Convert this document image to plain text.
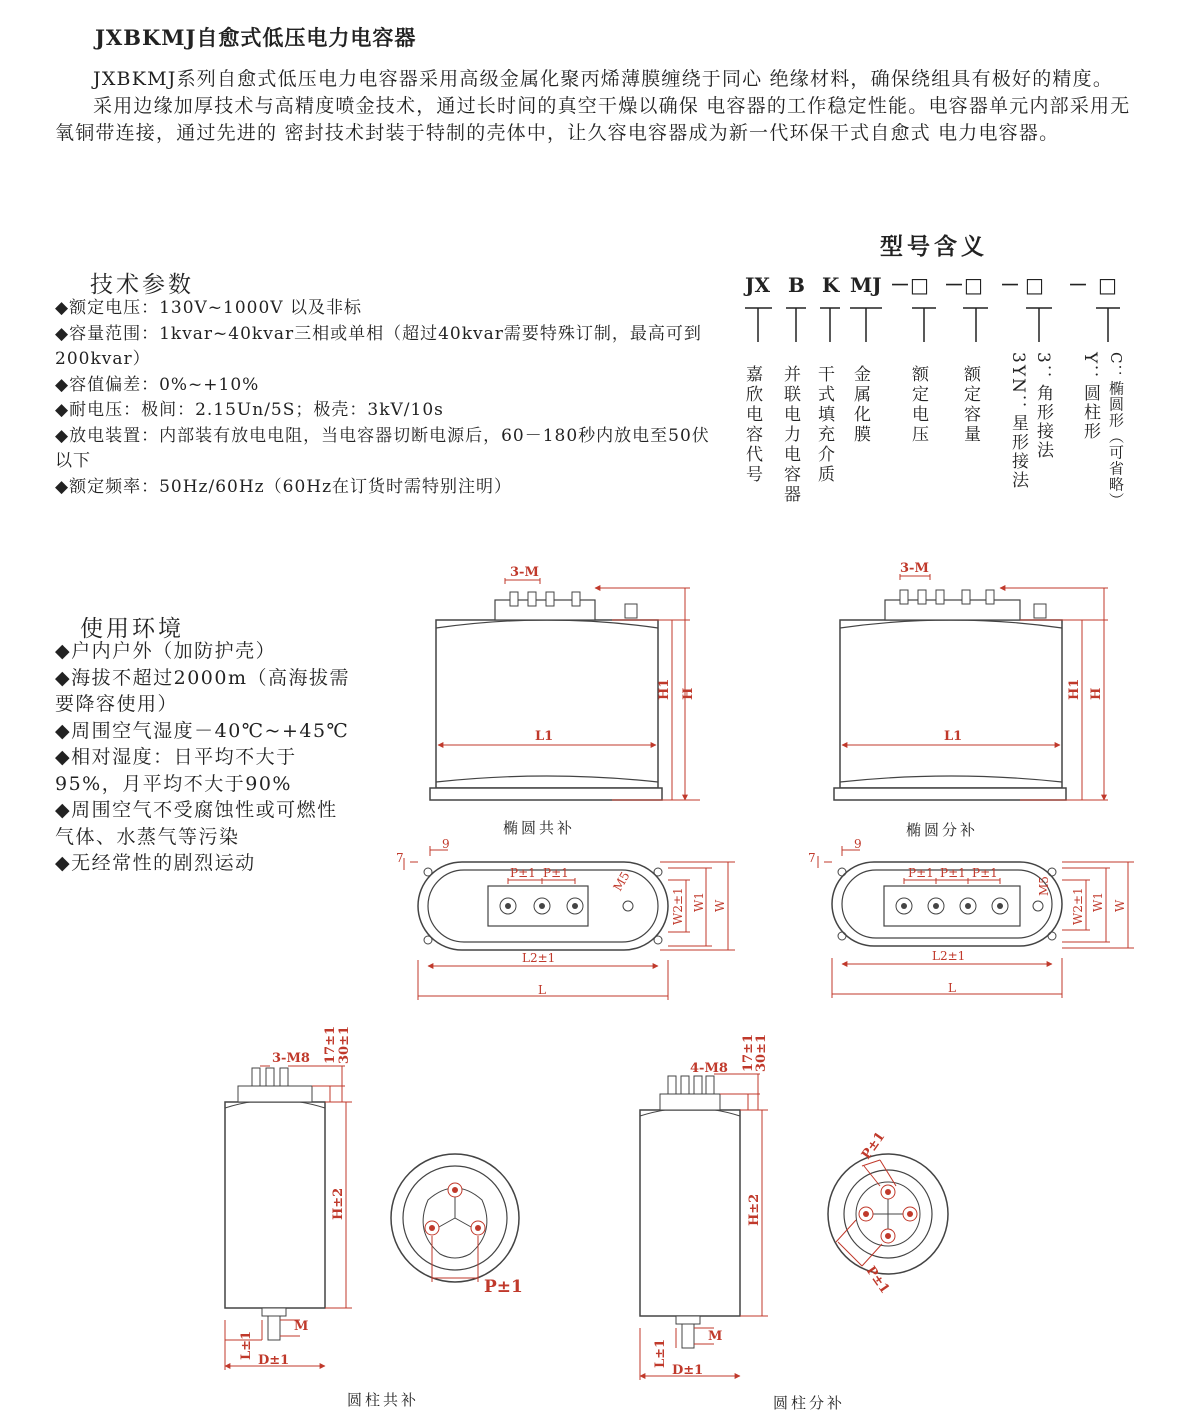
JXBKMJ自愈式低压电力电容器

JXBKMJ系列自愈式低压电力电容器采用高级金属化聚丙烯薄膜缠绕于同心 绝缘材料，确保绕组具有极好的精度。

采用边缘加厚技术与高精度喷金技术，通过长时间的真空干燥以确保 电容器的工作稳定性能。电容器单元内部采用无氧铜带连接，通过先进的 密封技术封装于特制的壳体中，让久容电容器成为新一代环保干式自愈式 电力电容器。

技术参数
◆额定电压：130V~1000V 以及非标
◆容量范围：1kvar~40kvar三相或单相（超过40kvar需要特殊订制，最高可到200kvar）
◆容值偏差：0%~+10%
◆耐电压：极间：2.15Un/5S；极壳：3kV/10s
◆放电装置：内部装有放电电阻，当电容器切断电源后，60－180秒内放电至50伏以下
◆额定频率：50Hz/60Hz（60Hz在订货时需特别注明）
使用环境
◆户内户外（加防护壳）
◆海拔不超过2000m（高海拔需要降容使用）
◆周围空气湿度－40℃~+45℃
◆相对湿度：日平均不大于95%，月平均不大于90%
◆周围空气不受腐蚀性或可燃性气体、水蒸气等污染
◆无经常性的剧烈运动
型号含义
JX B K MJ －□ －□ － □ － □
嘉欣电容代号 并联电力电容器 干式填充介质 金属化膜 额定电压 额定容量	3：角形接法
3YN：星形接法	Y：圆柱形 C：椭圆形（可省略）
3-M
L1
H1 H
椭圆共补
3-M
L1
H1 H
椭圆分补
P±1 P±1	M5
W2±1 W1 W
L2±1
L
7
9
P±1 P±1 P±1
M5
W2±1 W1 W
L2±1
L
7
9
3-M8 17±1 30±1
H±2
M
L±1
D±1
圆柱共补
P±1
4-M8 17±1
30±1
H±2
M
L±1
D±1
圆柱分补
P±1
P±1
